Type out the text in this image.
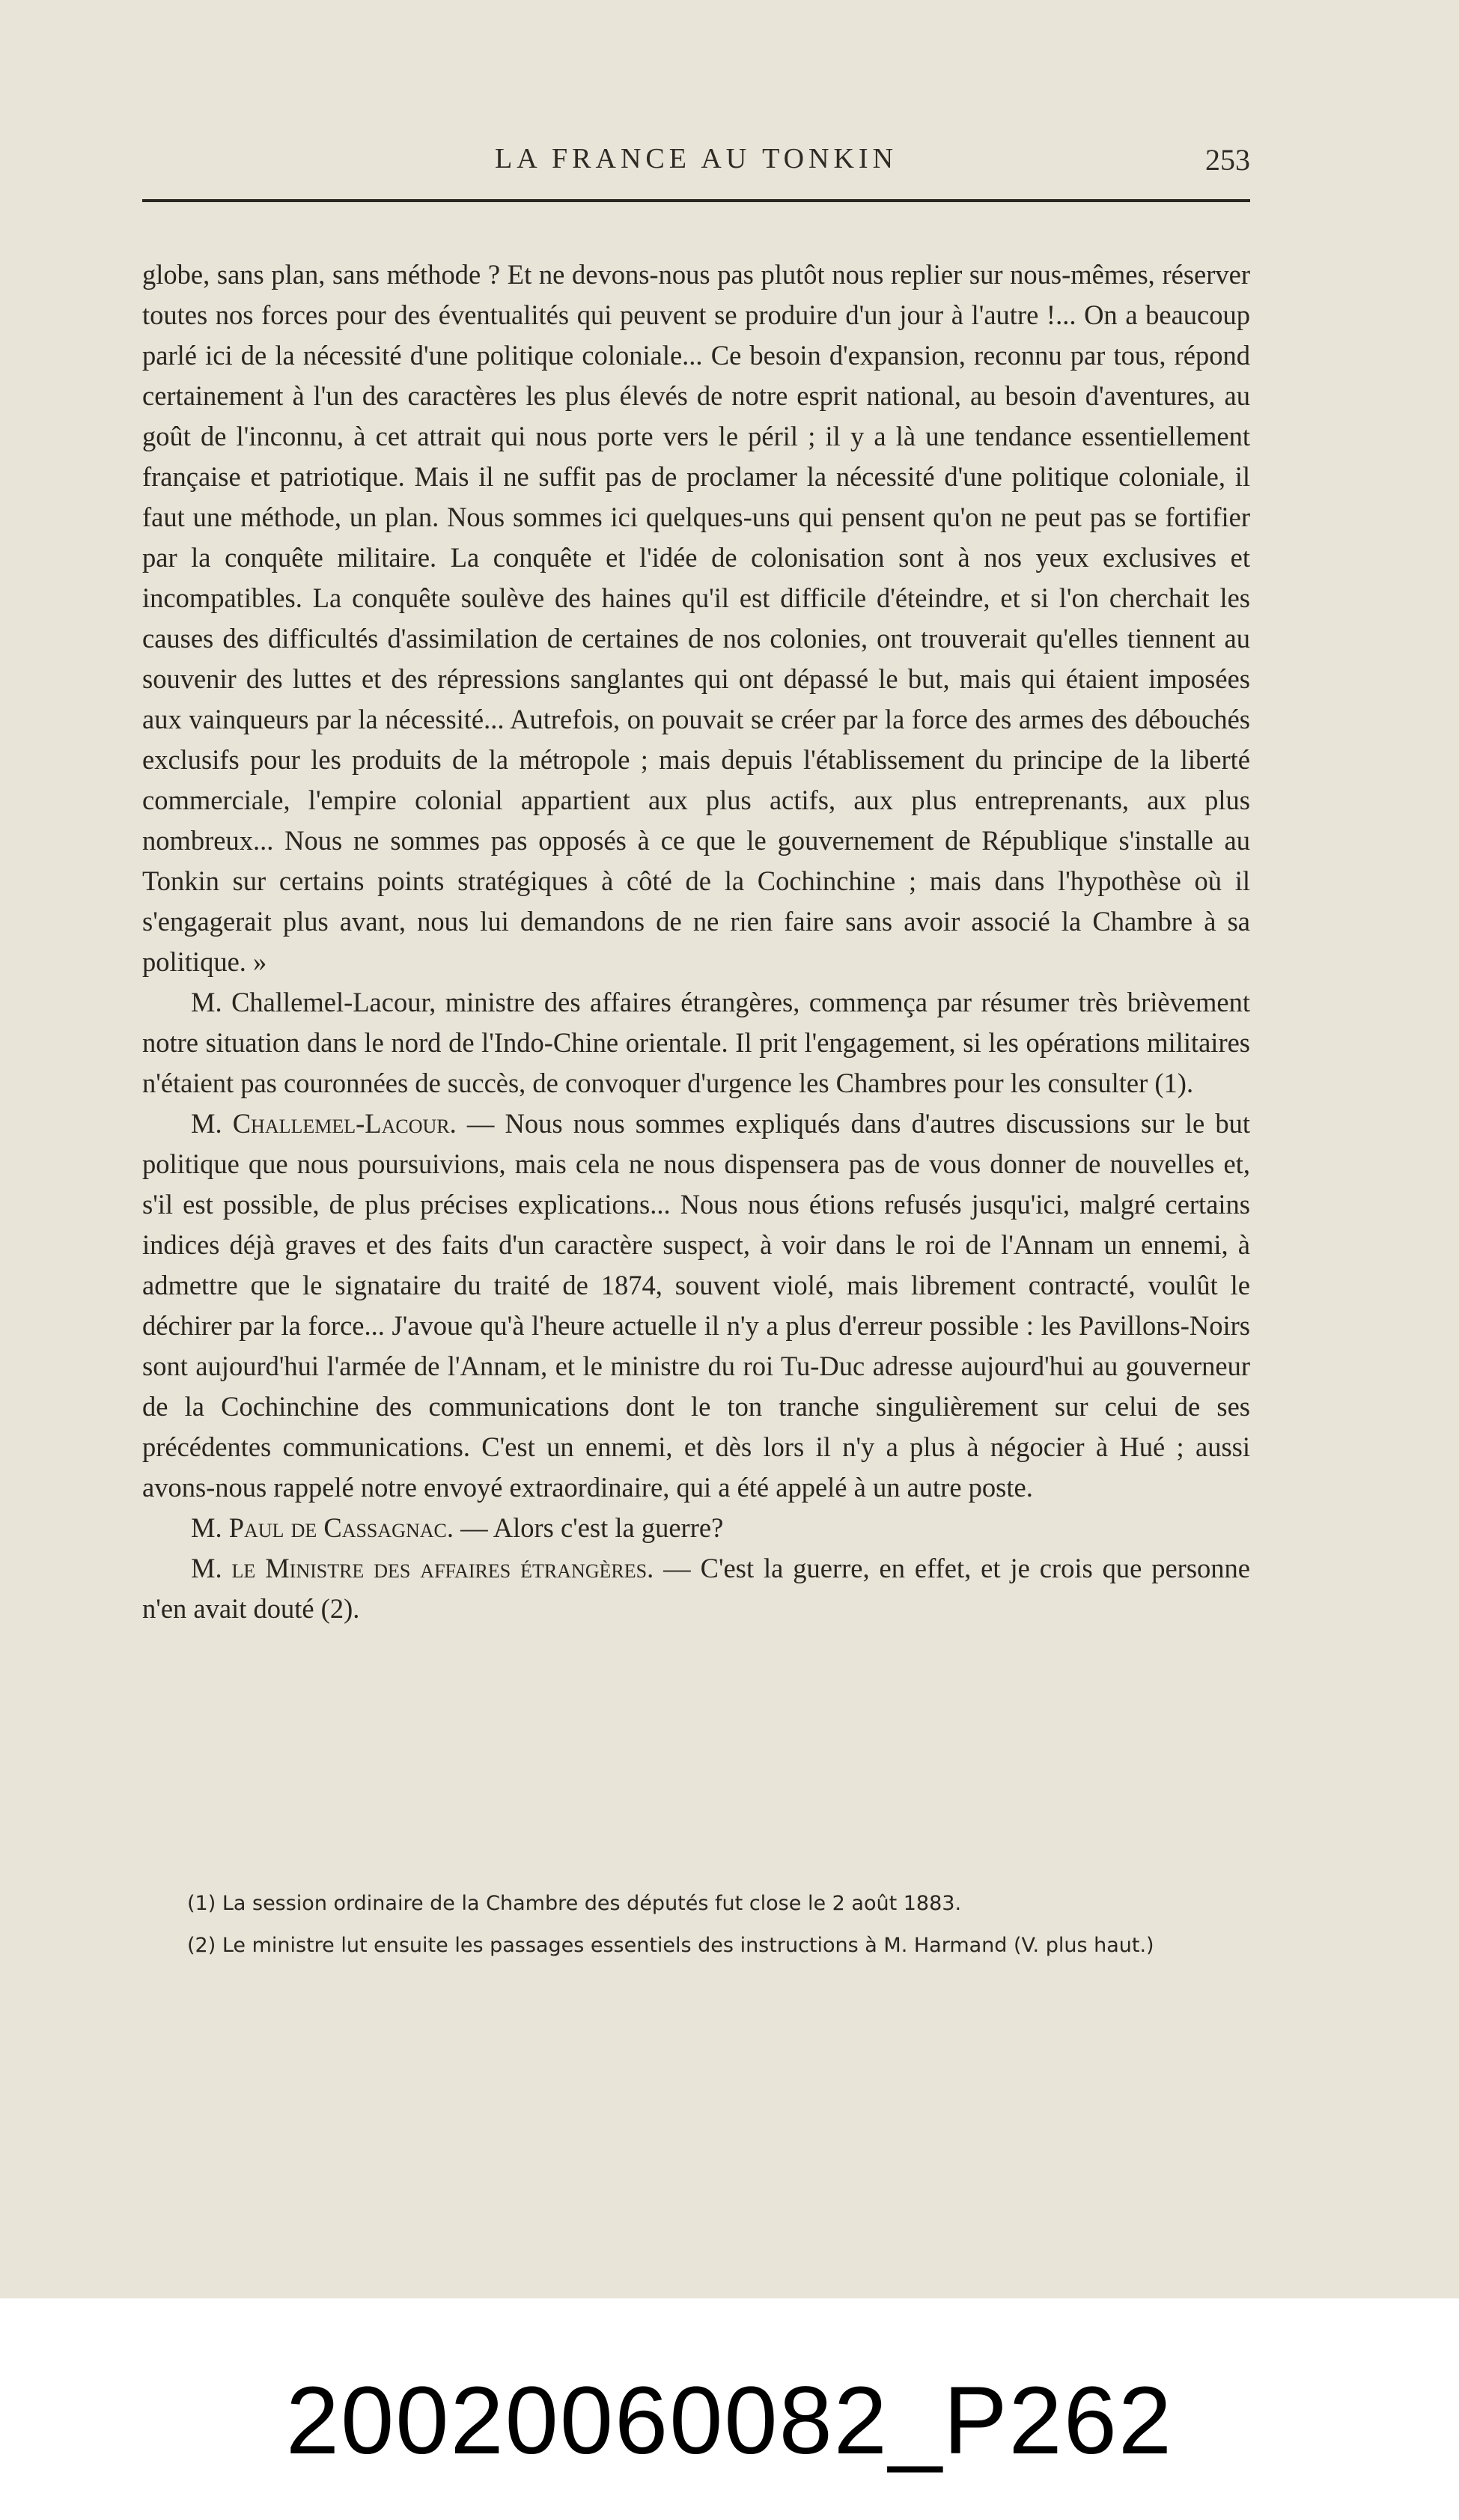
LA FRANCE AU TONKIN	253

globe, sans plan, sans méthode ? Et ne devons-nous pas plutôt nous replier sur nous-mêmes, réserver toutes nos forces pour des éventualités qui peuvent se produire d'un jour à l'autre !... On a beaucoup parlé ici de la nécessité d'une politique coloniale... Ce besoin d'expansion, reconnu par tous, répond certainement à l'un des caractères les plus élevés de notre esprit national, au besoin d'aventures, au goût de l'inconnu, à cet attrait qui nous porte vers le péril ; il y a là une tendance essentiellement française et patriotique. Mais il ne suffit pas de proclamer la nécessité d'une politique coloniale, il faut une méthode, un plan. Nous sommes ici quelques-uns qui pensent qu'on ne peut pas se fortifier par la conquête militaire. La conquête et l'idée de colonisation sont à nos yeux exclusives et incompatibles. La conquête soulève des haines qu'il est difficile d'éteindre, et si l'on cherchait les causes des difficultés d'assimilation de certaines de nos colonies, ont trouverait qu'elles tiennent au souvenir des luttes et des répressions sanglantes qui ont dépassé le but, mais qui étaient imposées aux vainqueurs par la nécessité... Autrefois, on pouvait se créer par la force des armes des débouchés exclusifs pour les produits de la métropole ; mais depuis l'établissement du principe de la liberté commerciale, l'empire colonial appartient aux plus actifs, aux plus entreprenants, aux plus nombreux... Nous ne sommes pas opposés à ce que le gouvernement de République s'installe au Tonkin sur certains points stratégiques à côté de la Cochinchine ; mais dans l'hypothèse où il s'engagerait plus avant, nous lui demandons de ne rien faire sans avoir associé la Chambre à sa politique. »

M. Challemel-Lacour, ministre des affaires étrangères, commença par résumer très brièvement notre situation dans le nord de l'Indo-Chine orientale. Il prit l'engagement, si les opérations militaires n'étaient pas couronnées de succès, de convoquer d'urgence les Chambres pour les consulter (1).

M. Challemel-Lacour. — Nous nous sommes expliqués dans d'autres discussions sur le but politique que nous poursuivions, mais cela ne nous dispensera pas de vous donner de nouvelles et, s'il est possible, de plus précises explications... Nous nous étions refusés jusqu'ici, malgré certains indices déjà graves et des faits d'un caractère suspect, à voir dans le roi de l'Annam un ennemi, à admettre que le signataire du traité de 1874, souvent violé, mais librement contracté, voulût le déchirer par la force... J'avoue qu'à l'heure actuelle il n'y a plus d'erreur possible : les Pavillons-Noirs sont aujourd'hui l'armée de l'Annam, et le ministre du roi Tu-Duc adresse aujourd'hui au gouverneur de la Cochinchine des communications dont le ton tranche singulièrement sur celui de ses précédentes communications. C'est un ennemi, et dès lors il n'y a plus à négocier à Hué ; aussi avons-nous rappelé notre envoyé extraordinaire, qui a été appelé à un autre poste.

M. Paul de Cassagnac. — Alors c'est la guerre?

M. le Ministre des affaires étrangères. — C'est la guerre, en effet, et je crois que personne n'en avait douté (2).

(1) La session ordinaire de la Chambre des députés fut close le 2 août 1883.

(2) Le ministre lut ensuite les passages essentiels des instructions à M. Harmand (V. plus haut.)

20020060082_P262
